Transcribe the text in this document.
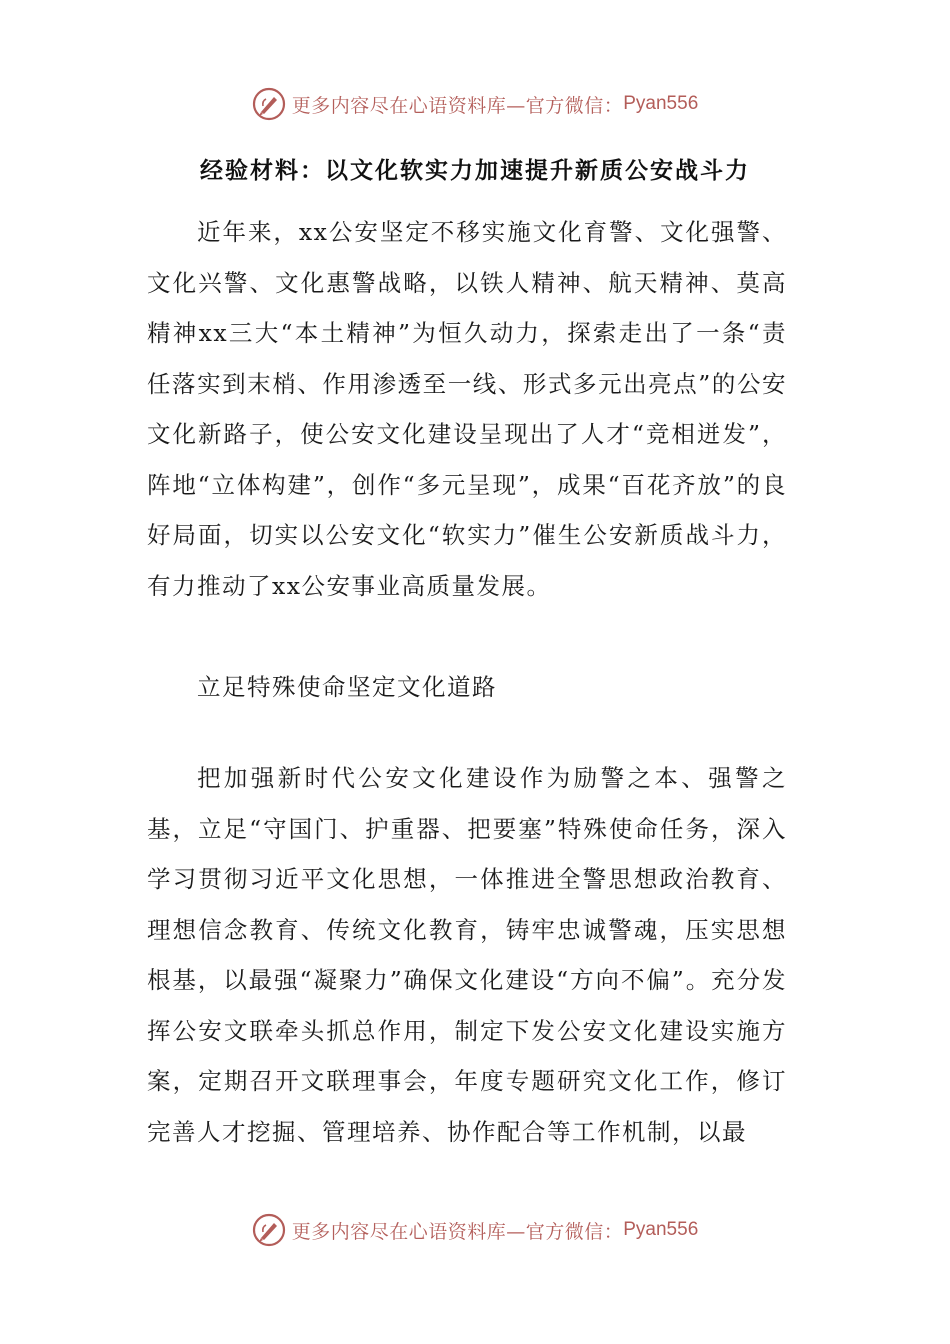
更多内容尽在心语资料库—官方微信： Pyan556
经验材料：以文化软实力加速提升新质公安战斗力

近年来，xx公安坚定不移实施文化育警、文化强警、文化兴警、文化惠警战略，以铁人精神、航天精神、莫高精神xx三大“本土精神”为恒久动力，探索走出了一条“责任落实到末梢、作用渗透至一线、形式多元出亮点”的公安文化新路子，使公安文化建设呈现出了人才“竞相迸发”，阵地“立体构建”，创作“多元呈现”，成果“百花齐放”的良好局面，切实以公安文化“软实力”催生公安新质战斗力，有力推动了xx公安事业高质量发展。

立足特殊使命坚定文化道路

把加强新时代公安文化建设作为励警之本、强警之基，立足“守国门、护重器、把要塞”特殊使命任务，深入学习贯彻习近平文化思想，一体推进全警思想政治教育、理想信念教育、传统文化教育，铸牢忠诚警魂，压实思想根基，以最强“凝聚力”确保文化建设“方向不偏”。充分发挥公安文联牵头抓总作用，制定下发公安文化建设实施方案，定期召开文联理事会，年度专题研究文化工作，修订完善人才挖掘、管理培养、协作配合等工作机制，以最

更多内容尽在心语资料库—官方微信： Pyan556
